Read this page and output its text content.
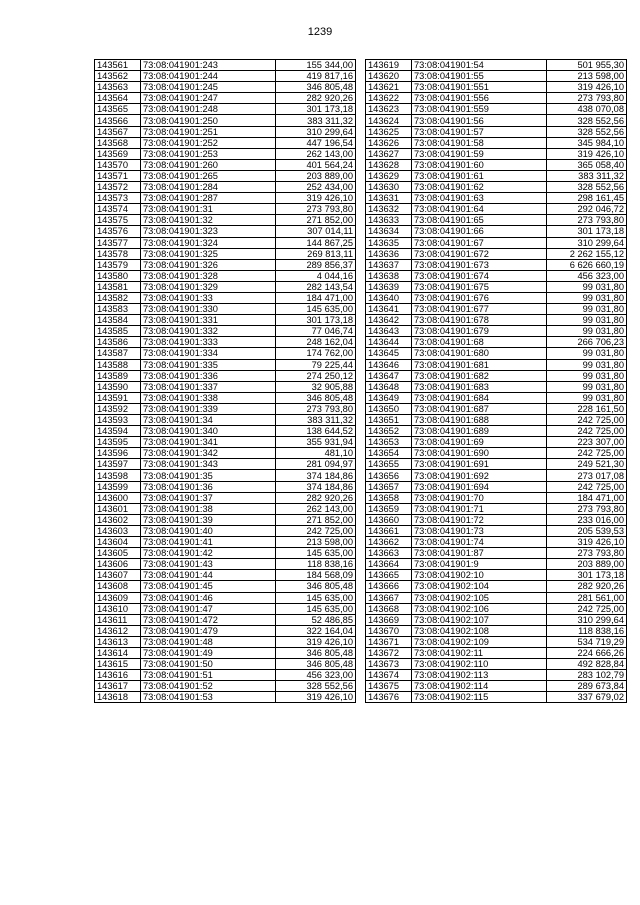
1239
143561	73:08:041901:243	155 344,00
143562	73:08:041901:244	419 817,16
143563	73:08:041901:245	346 805,48
143564	73:08:041901:247	282 920,26
143565	73:08:041901:248	301 173,18
143566	73:08:041901:250	383 311,32
143567	73:08:041901:251	310 299,64
143568	73:08:041901:252	447 196,54
143569	73:08:041901:253	262 143,00
143570	73:08:041901:260	401 564,24
143571	73:08:041901:265	203 889,00
143572	73:08:041901:284	252 434,00
143573	73:08:041901:287	319 426,10
143574	73:08:041901:31	273 793,80
143575	73:08:041901:32	271 852,00
143576	73:08:041901:323	307 014,11
143577	73:08:041901:324	144 867,25
143578	73:08:041901:325	269 813,11
143579	73:08:041901:326	289 856,37
143580	73:08:041901:328	4 044,16
143581	73:08:041901:329	282 143,54
143582	73:08:041901:33	184 471,00
143583	73:08:041901:330	145 635,00
143584	73:08:041901:331	301 173,18
143585	73:08:041901:332	77 046,74
143586	73:08:041901:333	248 162,04
143587	73:08:041901:334	174 762,00
143588	73:08:041901:335	79 225,44
143589	73:08:041901:336	274 250,12
143590	73:08:041901:337	32 905,88
143591	73:08:041901:338	346 805,48
143592	73:08:041901:339	273 793,80
143593	73:08:041901:34	383 311,32
143594	73:08:041901:340	138 644,52
143595	73:08:041901:341	355 931,94
143596	73:08:041901:342	481,10
143597	73:08:041901:343	281 094,97
143598	73:08:041901:35	374 184,86
143599	73:08:041901:36	374 184,86
143600	73:08:041901:37	282 920,26
143601	73:08:041901:38	262 143,00
143602	73:08:041901:39	271 852,00
143603	73:08:041901:40	242 725,00
143604	73:08:041901:41	213 598,00
143605	73:08:041901:42	145 635,00
143606	73:08:041901:43	118 838,16
143607	73:08:041901:44	184 568,09
143608	73:08:041901:45	346 805,48
143609	73:08:041901:46	145 635,00
143610	73:08:041901:47	145 635,00
143611	73:08:041901:472	52 486,85
143612	73:08:041901:479	322 164,04
143613	73:08:041901:48	319 426,10
143614	73:08:041901:49	346 805,48
143615	73:08:041901:50	346 805,48
143616	73:08:041901:51	456 323,00
143617	73:08:041901:52	328 552,56
143618	73:08:041901:53	319 426,10
143619	73:08:041901:54	501 955,30
143620	73:08:041901:55	213 598,00
143621	73:08:041901:551	319 426,10
143622	73:08:041901:556	273 793,80
143623	73:08:041901:559	438 070,08
143624	73:08:041901:56	328 552,56
143625	73:08:041901:57	328 552,56
143626	73:08:041901:58	345 984,10
143627	73:08:041901:59	319 426,10
143628	73:08:041901:60	365 058,40
143629	73:08:041901:61	383 311,32
143630	73:08:041901:62	328 552,56
143631	73:08:041901:63	298 161,45
143632	73:08:041901:64	292 046,72
143633	73:08:041901:65	273 793,80
143634	73:08:041901:66	301 173,18
143635	73:08:041901:67	310 299,64
143636	73:08:041901:672	2 262 155,12
143637	73:08:041901:673	6 626 660,19
143638	73:08:041901:674	456 323,00
143639	73:08:041901:675	99 031,80
143640	73:08:041901:676	99 031,80
143641	73:08:041901:677	99 031,80
143642	73:08:041901:678	99 031,80
143643	73:08:041901:679	99 031,80
143644	73:08:041901:68	266 706,23
143645	73:08:041901:680	99 031,80
143646	73:08:041901:681	99 031,80
143647	73:08:041901:682	99 031,80
143648	73:08:041901:683	99 031,80
143649	73:08:041901:684	99 031,80
143650	73:08:041901:687	228 161,50
143651	73:08:041901:688	242 725,00
143652	73:08:041901:689	242 725,00
143653	73:08:041901:69	223 307,00
143654	73:08:041901:690	242 725,00
143655	73:08:041901:691	249 521,30
143656	73:08:041901:692	273 017,08
143657	73:08:041901:694	242 725,00
143658	73:08:041901:70	184 471,00
143659	73:08:041901:71	273 793,80
143660	73:08:041901:72	233 016,00
143661	73:08:041901:73	205 539,53
143662	73:08:041901:74	319 426,10
143663	73:08:041901:87	273 793,80
143664	73:08:041901:9	203 889,00
143665	73:08:041902:10	301 173,18
143666	73:08:041902:104	282 920,26
143667	73:08:041902:105	281 561,00
143668	73:08:041902:106	242 725,00
143669	73:08:041902:107	310 299,64
143670	73:08:041902:108	118 838,16
143671	73:08:041902:109	534 719,29
143672	73:08:041902:11	224 666,26
143673	73:08:041902:110	492 828,84
143674	73:08:041902:113	283 102,79
143675	73:08:041902:114	289 673,84
143676	73:08:041902:115	337 679,02
